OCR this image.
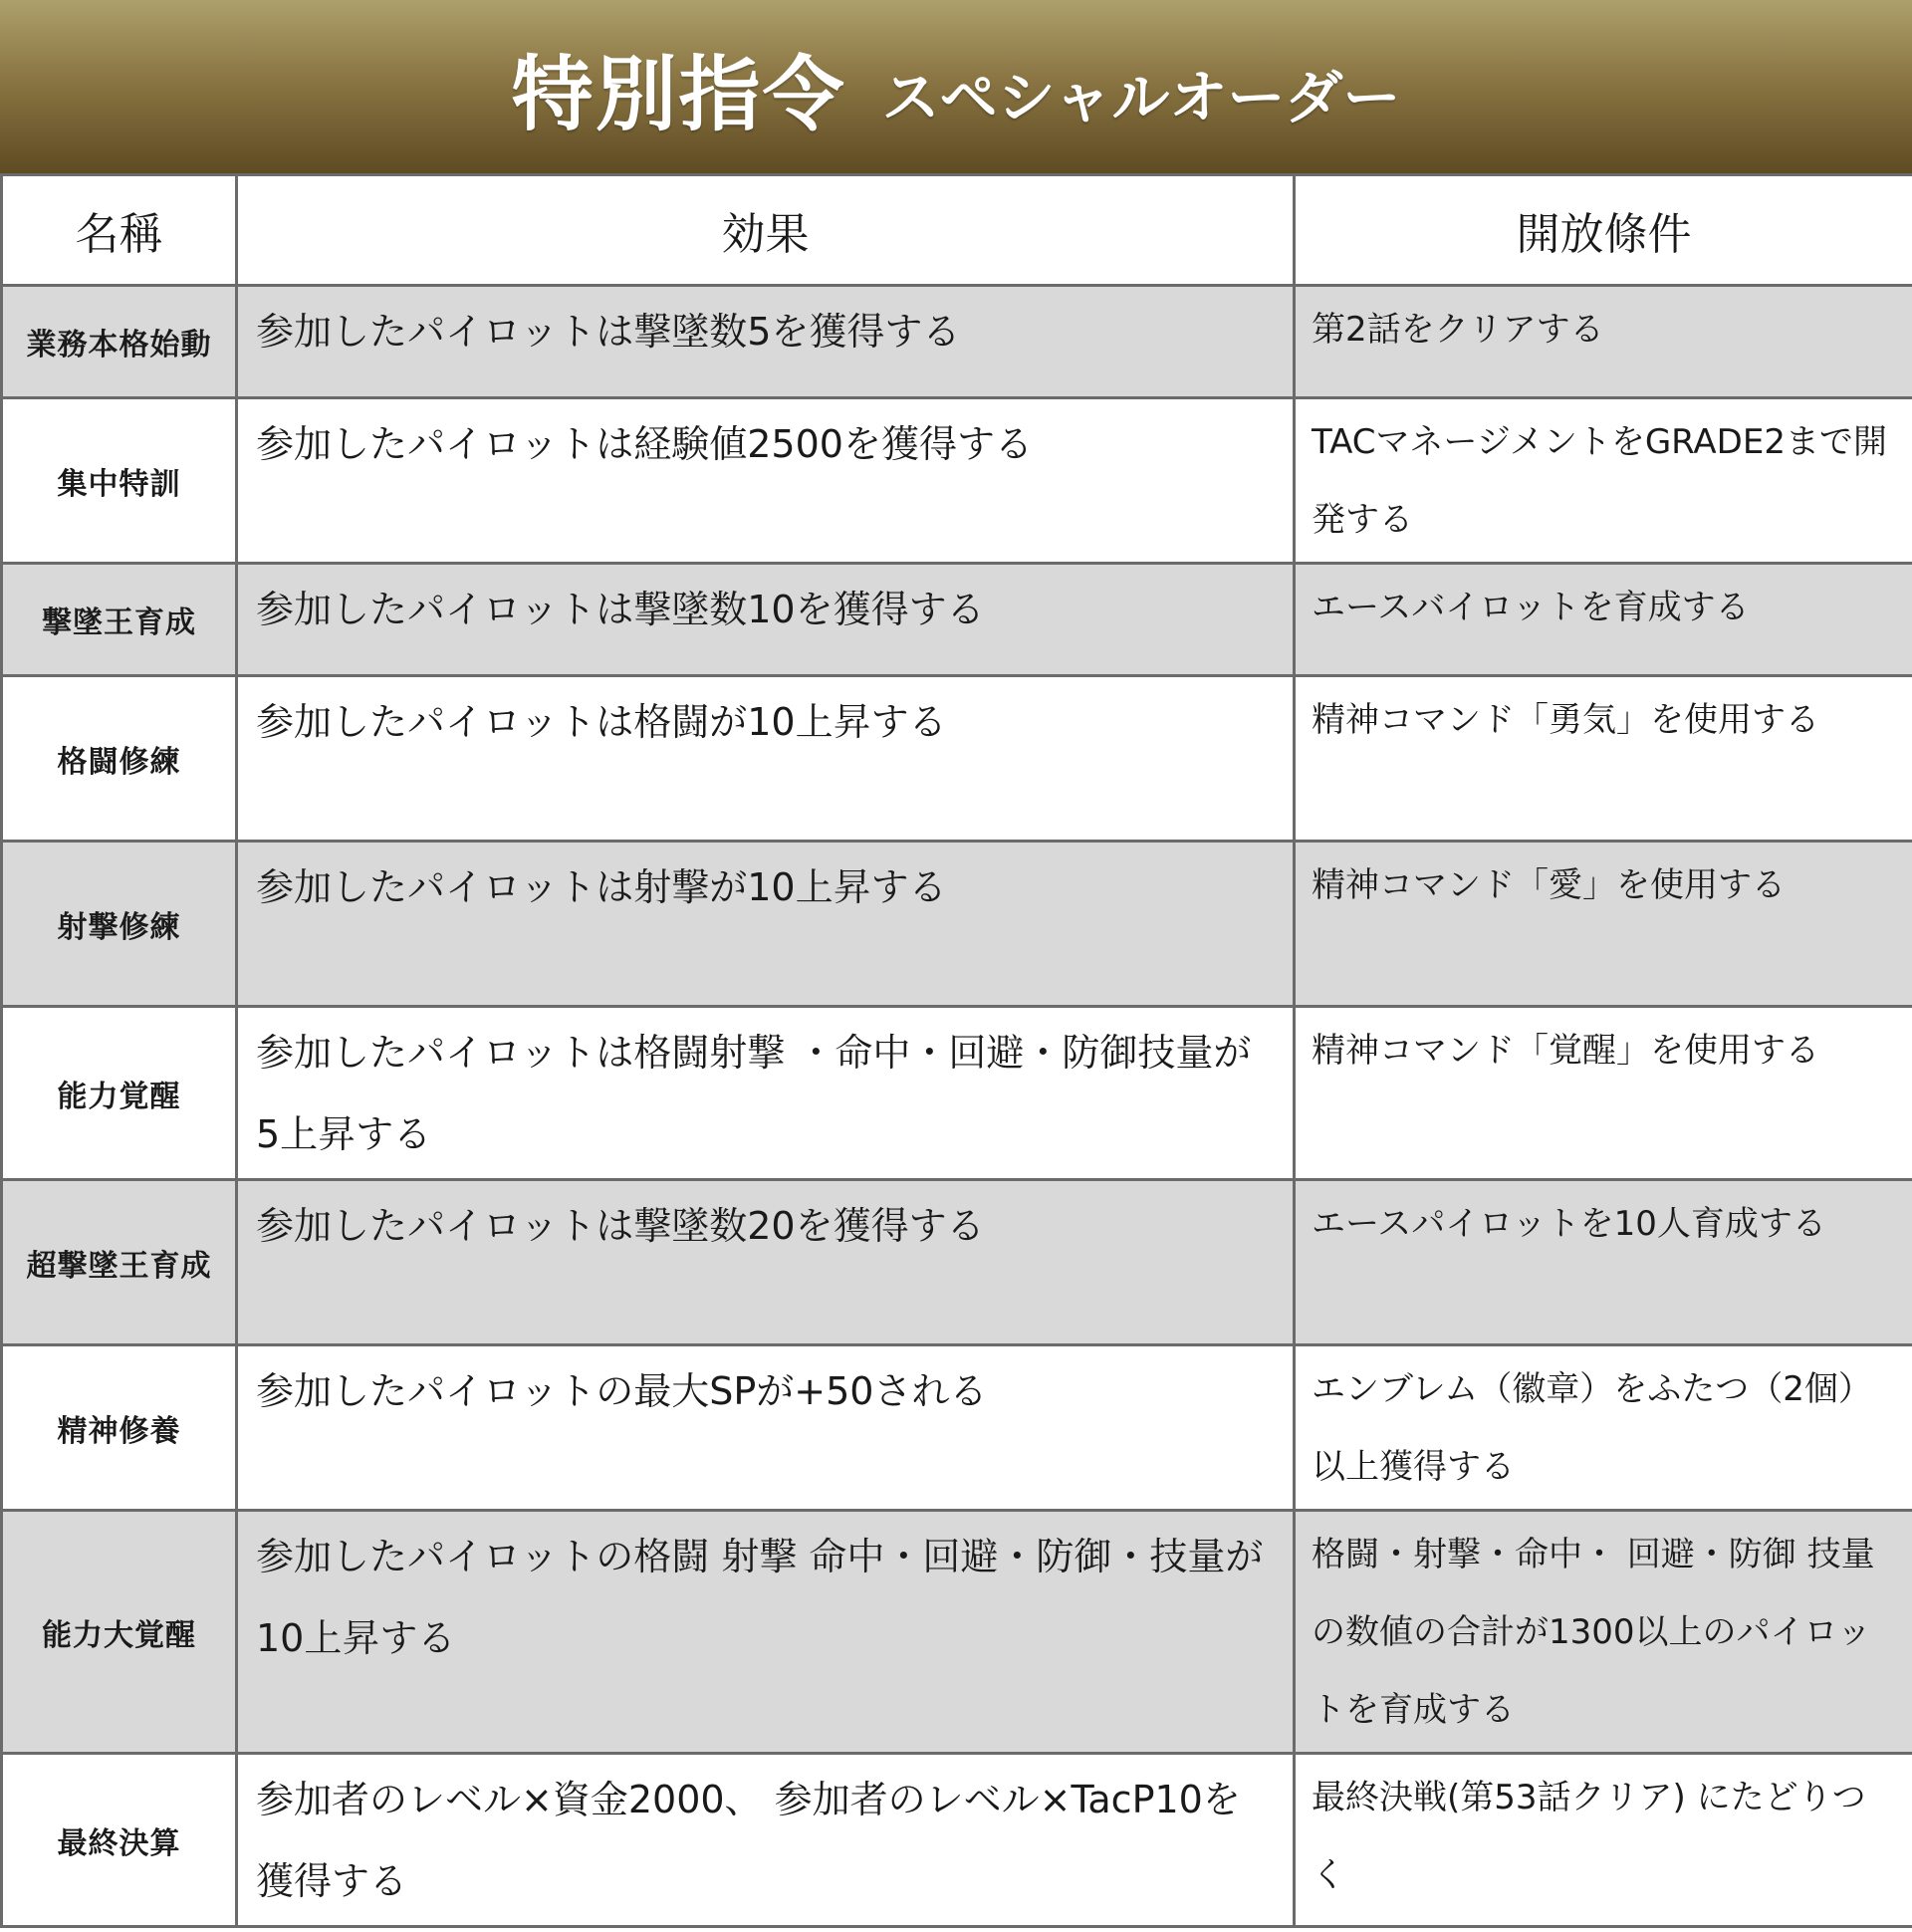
特別指令 スペシャルオーダー
名稱	効果	開放條件
業務本格始動	参加したパイロットは撃墜数5を獲得する	第2話をクリアする

集中特訓	参加したパイロットは経験値2500を獲得する	TACマネージメントをGRADE2まで開発する

撃墜王育成	参加したパイロットは撃墜数10を獲得する	エースバイロットを育成する

格闘修練	参加したパイロットは格闘が10上昇する	精神コマンド「勇気」を使用する

射撃修練	参加したパイロットは射撃が10上昇する	精神コマンド「愛」を使用する

能力覚醒	参加したパイロットは格闘射撃 ・命中・回避・防御技量が5上昇する	精神コマンド「覚醒」を使用する

超撃墜王育成	参加したパイロットは撃墜数20を獲得する	エースパイロットを10人育成する

精神修養	参加したパイロットの最大SPが+50される	エンブレム（徽章）をふたつ（2個）以上獲得する

能力大覚醒	参加したパイロットの格闘 射撃 命中・回避・防御・技量が10上昇する	格闘・射撃・命中・ 回避・防御 技量の数値の合計が1300以上のパイロットを育成する

最終決算	参加者のレベル×資金2000、 参加者のレベル×TacP10を獲得する	最終決戦(第53話クリア) にたどりつく
